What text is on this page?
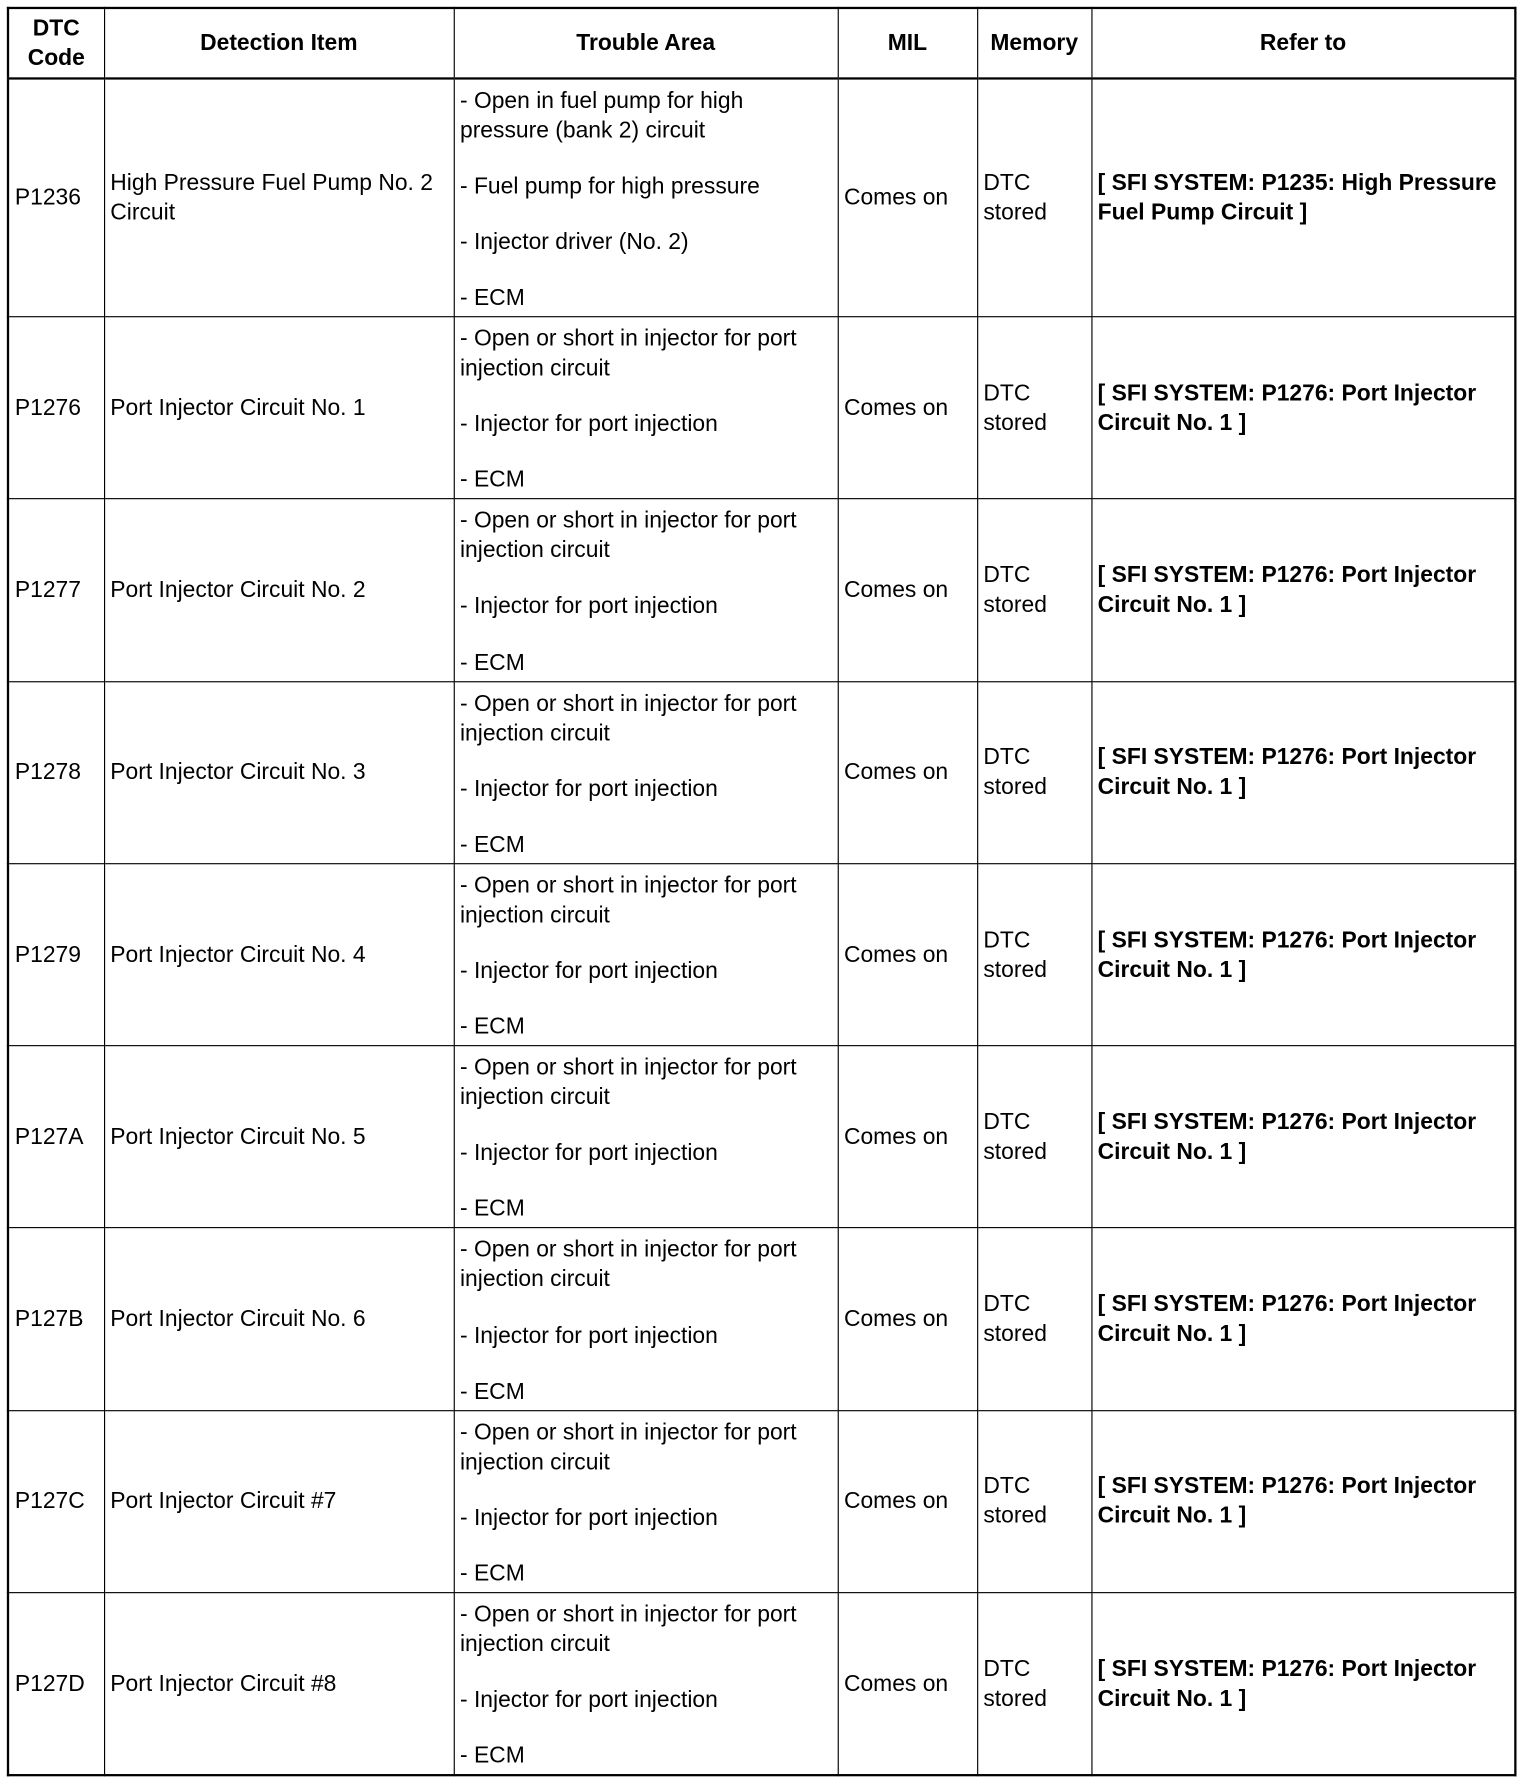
DTC Code	Detection Item	Trouble Area	MIL	Memory	Refer to
P1236	High Pressure Fuel Pump No. 2 Circuit	- Open in fuel pump for high pressure (bank 2) circuit
- Fuel pump for high pressure
- Injector driver (No. 2)
- ECM	Comes on	DTC stored	[ SFI SYSTEM: P1235: High Pressure Fuel Pump Circuit ]
P1276	Port Injector Circuit No. 1	- Open or short in injector for port injection circuit
- Injector for port injection
- ECM	Comes on	DTC stored	[ SFI SYSTEM: P1276: Port Injector Circuit No. 1 ]
P1277	Port Injector Circuit No. 2	- Open or short in injector for port injection circuit
- Injector for port injection
- ECM	Comes on	DTC stored	[ SFI SYSTEM: P1276: Port Injector Circuit No. 1 ]
P1278	Port Injector Circuit No. 3	- Open or short in injector for port injection circuit
- Injector for port injection
- ECM	Comes on	DTC stored	[ SFI SYSTEM: P1276: Port Injector Circuit No. 1 ]
P1279	Port Injector Circuit No. 4	- Open or short in injector for port injection circuit
- Injector for port injection
- ECM	Comes on	DTC stored	[ SFI SYSTEM: P1276: Port Injector Circuit No. 1 ]
P127A	Port Injector Circuit No. 5	- Open or short in injector for port injection circuit
- Injector for port injection
- ECM	Comes on	DTC stored	[ SFI SYSTEM: P1276: Port Injector Circuit No. 1 ]
P127B	Port Injector Circuit No. 6	- Open or short in injector for port injection circuit
- Injector for port injection
- ECM	Comes on	DTC stored	[ SFI SYSTEM: P1276: Port Injector Circuit No. 1 ]
P127C	Port Injector Circuit #7	- Open or short in injector for port injection circuit
- Injector for port injection
- ECM	Comes on	DTC stored	[ SFI SYSTEM: P1276: Port Injector Circuit No. 1 ]
P127D	Port Injector Circuit #8	- Open or short in injector for port injection circuit
- Injector for port injection
- ECM	Comes on	DTC stored	[ SFI SYSTEM: P1276: Port Injector Circuit No. 1 ]
